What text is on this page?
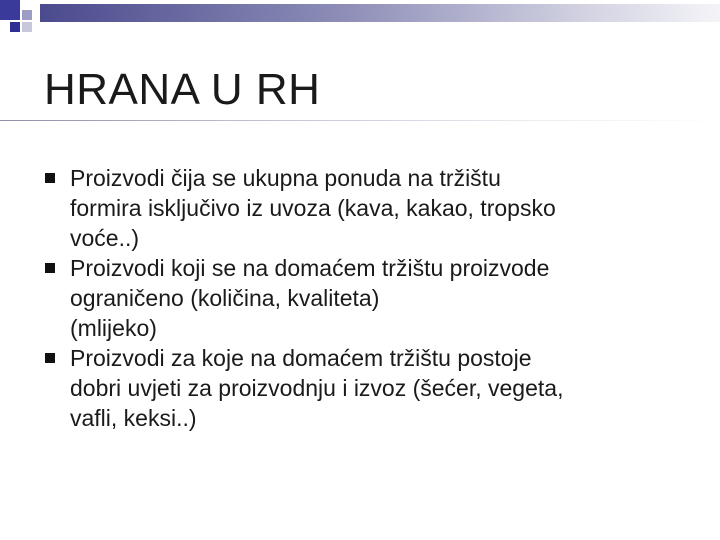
HRANA U RH
Proizvodi čija se ukupna ponuda na tržištu
formira isključivo iz uvoza (kava, kakao, tropsko
voće..)
Proizvodi koji se na domaćem tržištu proizvode
ograničeno (količina, kvaliteta)
(mlijeko)
Proizvodi za koje na domaćem tržištu postoje
dobri uvjeti za proizvodnju i izvoz (šećer, vegeta,
vafli, keksi..)
